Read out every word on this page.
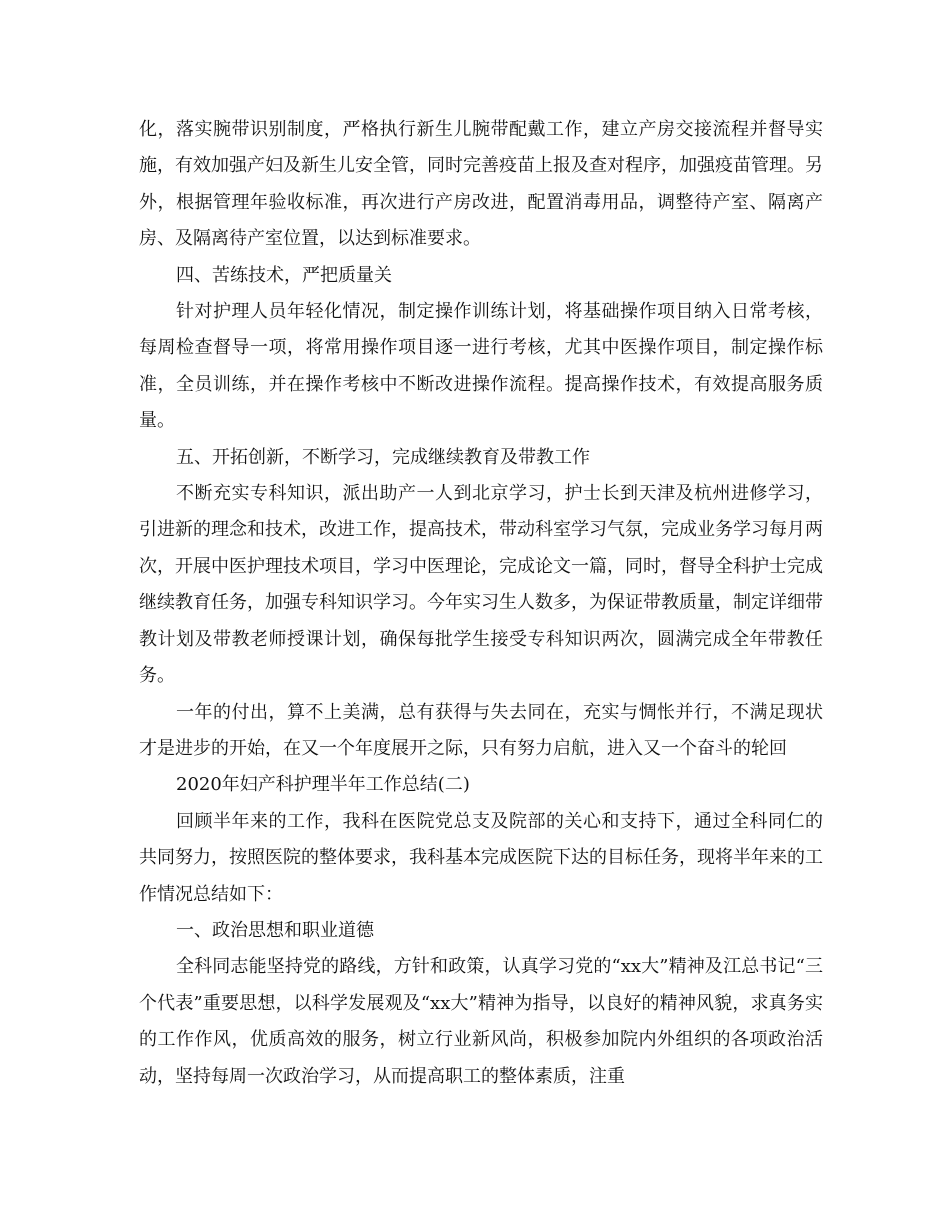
化，落实腕带识别制度，严格执行新生儿腕带配戴工作，建立产房交接流程并督导实施，有效加强产妇及新生儿安全管，同时完善疫苗上报及查对程序，加强疫苗管理。另外，根据管理年验收标准，再次进行产房改进，配置消毒用品，调整待产室、隔离产房、及隔离待产室位置，以达到标准要求。

四、苦练技术，严把质量关

针对护理人员年轻化情况，制定操作训练计划，将基础操作项目纳入日常考核，每周检查督导一项，将常用操作项目逐一进行考核，尤其中医操作项目，制定操作标准，全员训练，并在操作考核中不断改进操作流程。提高操作技术，有效提高服务质量。

五、开拓创新，不断学习，完成继续教育及带教工作

不断充实专科知识，派出助产一人到北京学习，护士长到天津及杭州进修学习，引进新的理念和技术，改进工作，提高技术，带动科室学习气氛，完成业务学习每月两次，开展中医护理技术项目，学习中医理论，完成论文一篇，同时，督导全科护士完成继续教育任务，加强专科知识学习。今年实习生人数多，为保证带教质量，制定详细带教计划及带教老师授课计划，确保每批学生接受专科知识两次，圆满完成全年带教任务。

一年的付出，算不上美满，总有获得与失去同在，充实与惆怅并行，不满足现状才是进步的开始，在又一个年度展开之际，只有努力启航，进入又一个奋斗的轮回

2020年妇产科护理半年工作总结(二)

回顾半年来的工作，我科在医院党总支及院部的关心和支持下，通过全科同仁的共同努力，按照医院的整体要求，我科基本完成医院下达的目标任务，现将半年来的工作情况总结如下：

一、政治思想和职业道德

全科同志能坚持党的路线，方针和政策，认真学习党的“xx大”精神及江总书记“三个代表”重要思想，以科学发展观及“xx大”精神为指导，以良好的精神风貌，求真务实的工作作风，优质高效的服务，树立行业新风尚，积极参加院内外组织的各项政治活动，坚持每周一次政治学习，从而提高职工的整体素质，注重
